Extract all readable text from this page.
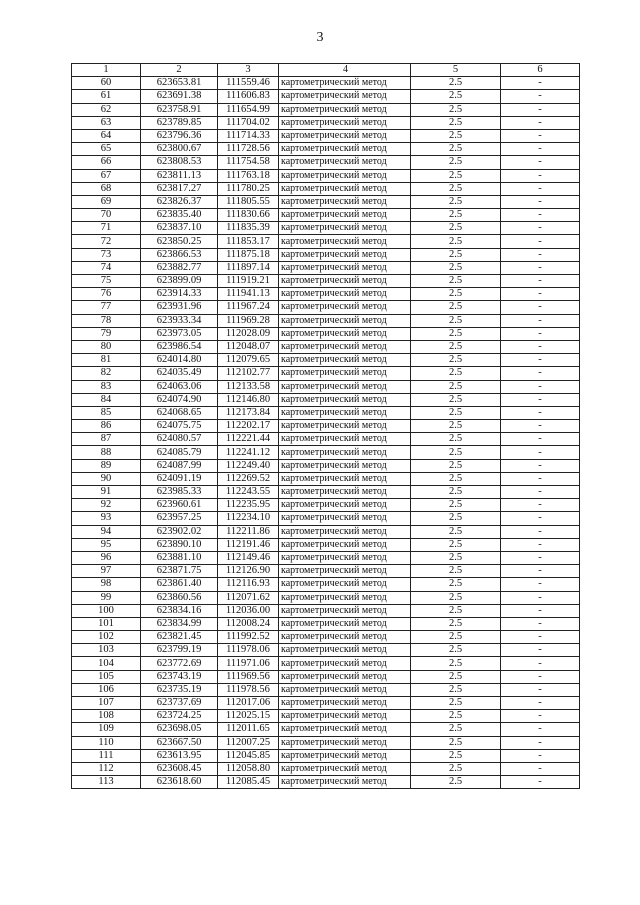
3
1	2	3	4	5	6
60	623653.81	111559.46	картометрический метод	2.5	-
61	623691.38	111606.83	картометрический метод	2.5	-
62	623758.91	111654.99	картометрический метод	2.5	-
63	623789.85	111704.02	картометрический метод	2.5	-
64	623796.36	111714.33	картометрический метод	2.5	-
65	623800.67	111728.56	картометрический метод	2.5	-
66	623808.53	111754.58	картометрический метод	2.5	-
67	623811.13	111763.18	картометрический метод	2.5	-
68	623817.27	111780.25	картометрический метод	2.5	-
69	623826.37	111805.55	картометрический метод	2.5	-
70	623835.40	111830.66	картометрический метод	2.5	-
71	623837.10	111835.39	картометрический метод	2.5	-
72	623850.25	111853.17	картометрический метод	2.5	-
73	623866.53	111875.18	картометрический метод	2.5	-
74	623882.77	111897.14	картометрический метод	2.5	-
75	623899.09	111919.21	картометрический метод	2.5	-
76	623914.33	111941.13	картометрический метод	2.5	-
77	623931.96	111967.24	картометрический метод	2.5	-
78	623933.34	111969.28	картометрический метод	2.5	-
79	623973.05	112028.09	картометрический метод	2.5	-
80	623986.54	112048.07	картометрический метод	2.5	-
81	624014.80	112079.65	картометрический метод	2.5	-
82	624035.49	112102.77	картометрический метод	2.5	-
83	624063.06	112133.58	картометрический метод	2.5	-
84	624074.90	112146.80	картометрический метод	2.5	-
85	624068.65	112173.84	картометрический метод	2.5	-
86	624075.75	112202.17	картометрический метод	2.5	-
87	624080.57	112221.44	картометрический метод	2.5	-
88	624085.79	112241.12	картометрический метод	2.5	-
89	624087.99	112249.40	картометрический метод	2.5	-
90	624091.19	112269.52	картометрический метод	2.5	-
91	623985.33	112243.55	картометрический метод	2.5	-
92	623960.61	112235.95	картометрический метод	2.5	-
93	623957.25	112234.10	картометрический метод	2.5	-
94	623902.02	112211.86	картометрический метод	2.5	-
95	623890.10	112191.46	картометрический метод	2.5	-
96	623881.10	112149.46	картометрический метод	2.5	-
97	623871.75	112126.90	картометрический метод	2.5	-
98	623861.40	112116.93	картометрический метод	2.5	-
99	623860.56	112071.62	картометрический метод	2.5	-
100	623834.16	112036.00	картометрический метод	2.5	-
101	623834.99	112008.24	картометрический метод	2.5	-
102	623821.45	111992.52	картометрический метод	2.5	-
103	623799.19	111978.06	картометрический метод	2.5	-
104	623772.69	111971.06	картометрический метод	2.5	-
105	623743.19	111969.56	картометрический метод	2.5	-
106	623735.19	111978.56	картометрический метод	2.5	-
107	623737.69	112017.06	картометрический метод	2.5	-
108	623724.25	112025.15	картометрический метод	2.5	-
109	623698.05	112011.65	картометрический метод	2.5	-
110	623667.50	112007.25	картометрический метод	2.5	-
111	623613.95	112045.85	картометрический метод	2.5	-
112	623608.45	112058.80	картометрический метод	2.5	-
113	623618.60	112085.45	картометрический метод	2.5	-
